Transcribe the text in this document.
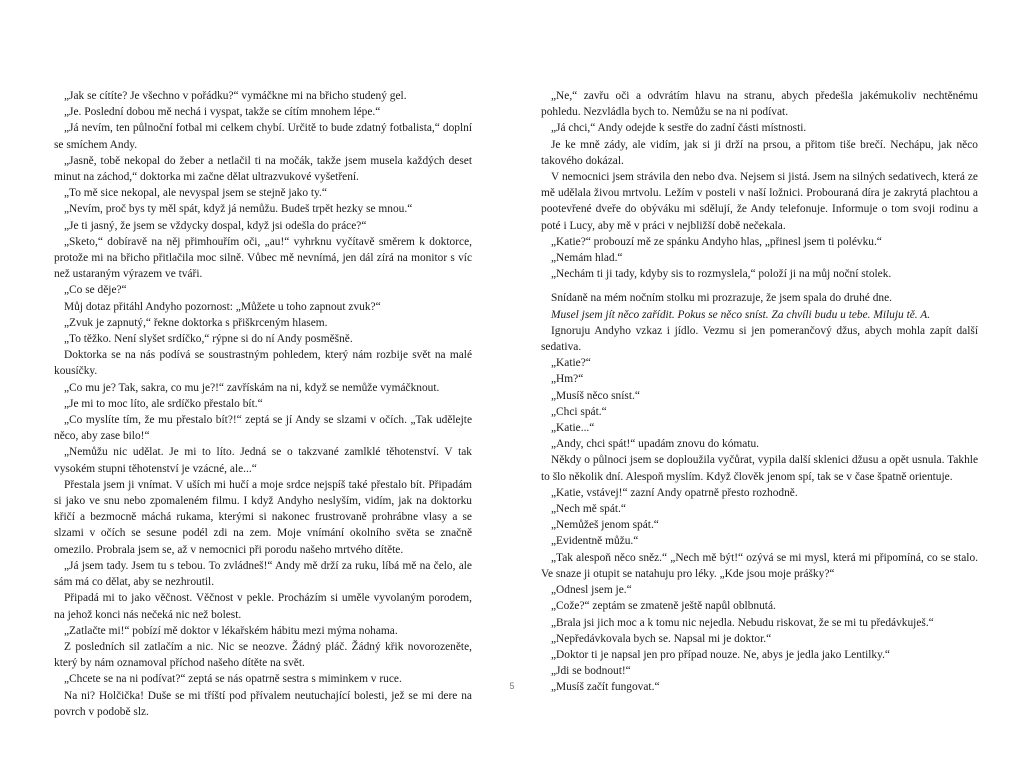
„Jak se cítíte? Je všechno v pořádku?“ vymáčkne mi na břicho studený gel.

„Je. Poslední dobou mě nechá i vyspat, takže se cítím mnohem lépe.“

„Já nevím, ten půlnoční fotbal mi celkem chybí. Určitě to bude zdatný fotbalista,“ doplní se smíchem Andy.

„Jasně, tobě nekopal do žeber a netlačil ti na močák, takže jsem musela každých deset minut na záchod,“ doktorka mi začne dělat ultrazvukové vyšetření.

„To mě sice nekopal, ale nevyspal jsem se stejně jako ty.“

„Nevím, proč bys ty měl spát, když já nemůžu. Budeš trpět hezky se mnou.“

„Je ti jasný, že jsem se vždycky dospal, když jsi odešla do práce?“

„Sketo,“ dobíravě na něj přimhouřím oči, „au!“ vyhrknu vyčítavě směrem k doktorce, protože mi na břicho přitlačila moc silně. Vůbec mě nevnímá, jen dál zírá na monitor s víc než ustaraným výrazem ve tváři.

„Co se děje?“

Můj dotaz přitáhl Andyho pozornost: „Můžete u toho zapnout zvuk?“

„Zvuk je zapnutý,“ řekne doktorka s přiškrceným hlasem.

„To těžko. Není slyšet srdíčko,“ rýpne si do ní Andy posměšně.

Doktorka se na nás podívá se soustrastným pohledem, který nám rozbije svět na malé kousíčky.

„Co mu je? Tak, sakra, co mu je?!“ zavřískám na ni, když se nemůže vymáčknout.

„Je mi to moc líto, ale srdíčko přestalo bít.“

„Co myslíte tím, že mu přestalo bít?!“ zeptá se jí Andy se slzami v očích. „Tak udělejte něco, aby zase bilo!“

„Nemůžu nic udělat. Je mi to líto. Jedná se o takzvané zamlklé těhotenství. V tak vysokém stupni těhotenství je vzácné, ale...“

Přestala jsem ji vnímat. V uších mi hučí a moje srdce nejspíš také přestalo bít. Připadám si jako ve snu nebo zpomaleném filmu. I když Andyho neslyším, vidím, jak na doktorku křičí a bezmocně máchá rukama, kterými si nakonec frustrovaně prohrábne vlasy a se slzami v očích se sesune podél zdi na zem. Moje vnímání okolního světa se značně omezilo. Probrala jsem se, až v nemocnici při porodu našeho mrtvého dítěte.

„Já jsem tady. Jsem tu s tebou. To zvládneš!“ Andy mě drží za ruku, líbá mě na čelo, ale sám má co dělat, aby se nezhroutil.

Připadá mi to jako věčnost. Věčnost v pekle. Procházím si uměle vyvolaným porodem, na jehož konci nás nečeká nic než bolest.

„Zatlačte mi!“ pobízí mě doktor v lékařském hábitu mezi mýma nohama.

Z posledních sil zatlačím a nic. Nic se neozve. Žádný pláč. Žádný křik novorozeněte, který by nám oznamoval příchod našeho dítěte na svět.

„Chcete se na ni podívat?“ zeptá se nás opatrně sestra s miminkem v ruce.

Na ni? Holčička! Duše se mi tříští pod přívalem neutuchající bolesti, jež se mi dere na povrch v podobě slz.

„Ne,“ zavřu oči a odvrátím hlavu na stranu, abych předešla jakémukoliv nechtěnému pohledu. Nezvládla bych to. Nemůžu se na ni podívat.

„Já chci,“ Andy odejde k sestře do zadní části místnosti.

Je ke mně zády, ale vidím, jak si ji drží na prsou, a přitom tiše brečí. Nechápu, jak něco takového dokázal.

V nemocnici jsem strávila den nebo dva. Nejsem si jistá. Jsem na silných sedativech, která ze mě udělala živou mrtvolu. Ležím v posteli v naší ložnici. Probouraná díra je zakrytá plachtou a pootevřené dveře do obýváku mi sdělují, že Andy telefonuje. Informuje o tom svoji rodinu a poté i Lucy, aby mě v práci v nejbližší době nečekala.

„Katie?“ probouzí mě ze spánku Andyho hlas, „přinesl jsem ti polévku.“

„Nemám hlad.“

„Nechám ti ji tady, kdyby sis to rozmyslela,“ položí ji na můj noční stolek.

Snídaně na mém nočním stolku mi prozrazuje, že jsem spala do druhé dne.

Musel jsem jít něco zařídit. Pokus se něco sníst. Za chvíli budu u tebe. Miluju tě. A.

Ignoruju Andyho vzkaz i jídlo. Vezmu si jen pomerančový džus, abych mohla zapít další sedativa.

„Katie?“

„Hm?“

„Musíš něco sníst.“

„Chci spát.“

„Katie...“

„Andy, chci spát!“ upadám znovu do kómatu.

Někdy o půlnoci jsem se doploužila vyčůrat, vypila další sklenici džusu a opět usnula. Takhle to šlo několik dní. Alespoň myslím. Když člověk jenom spí, tak se v čase špatně orientuje.

„Katie, vstávej!“ zazní Andy opatrně přesto rozhodně.

„Nech mě spát.“

„Nemůžeš jenom spát.“

„Evidentně můžu.“

„Tak alespoň něco sněz.“ „Nech mě být!“ ozývá se mi mysl, která mi připomíná, co se stalo. Ve snaze ji otupit se natahuju pro léky. „Kde jsou moje prášky?“

„Odnesl jsem je.“

„Cože?“ zeptám se zmateně ještě napůl oblbnutá.

„Brala jsi jich moc a k tomu nic nejedla. Nebudu riskovat, že se mi tu předávkuješ.“

„Nepředávkovala bych se. Napsal mi je doktor.“

„Doktor ti je napsal jen pro případ nouze. Ne, abys je jedla jako Lentilky.“

„Jdi se bodnout!“

„Musíš začít fungovat.“

5
